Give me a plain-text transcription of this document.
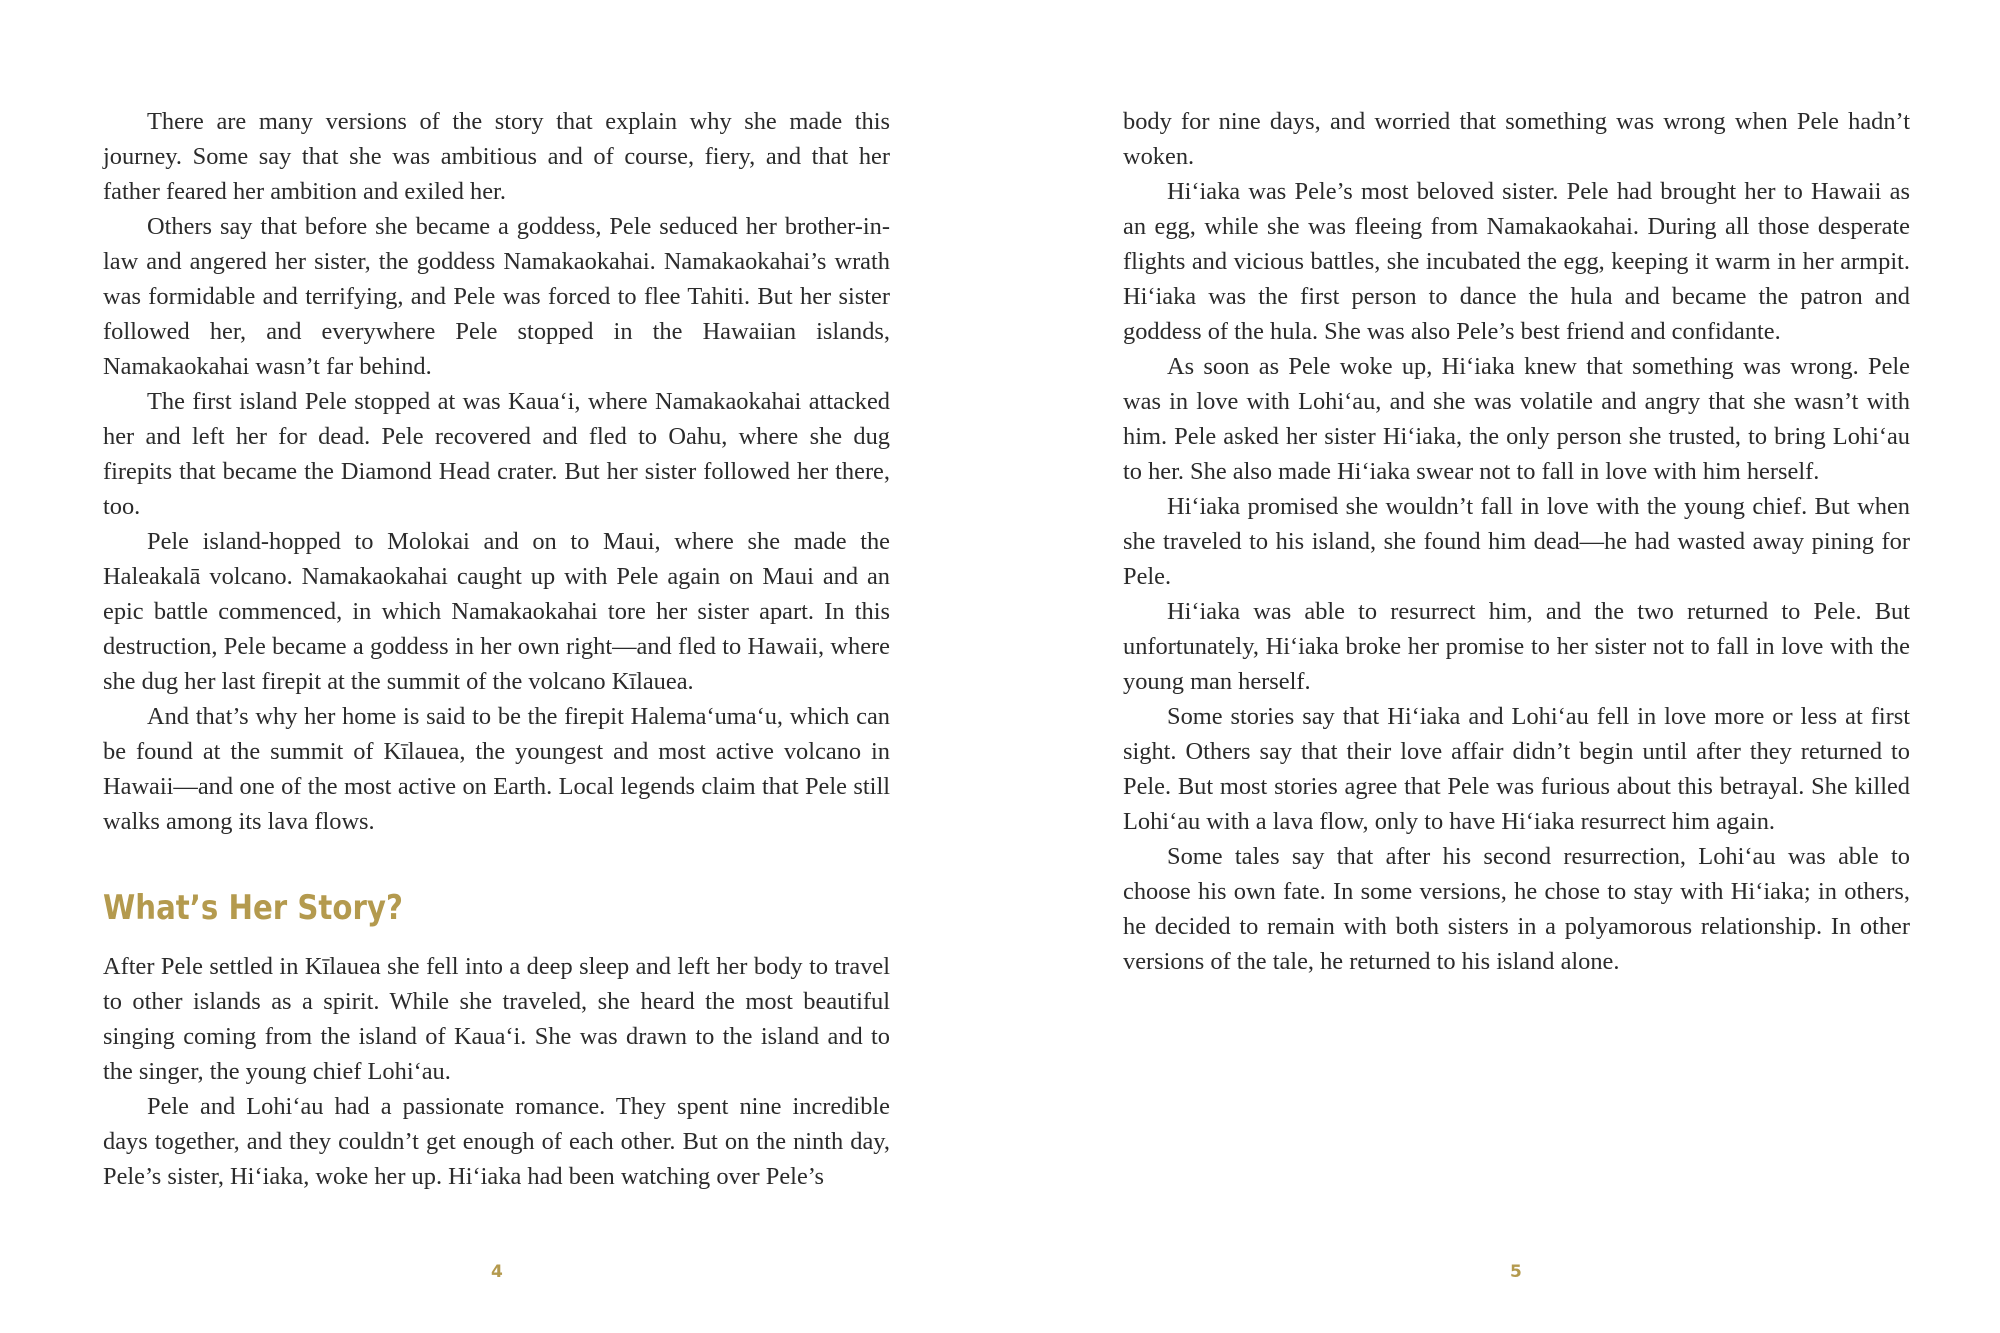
There are many versions of the story that explain why she made this journey. Some say that she was ambitious and of course, fiery, and that her father feared her ambition and exiled her.

Others say that before she became a goddess, Pele seduced her brother-in-law and angered her sister, the goddess Namakaokahai. Namakaokahai’s wrath was formidable and terrifying, and Pele was forced to flee Tahiti. But her sister followed her, and everywhere Pele stopped in the Hawaiian islands, Namakaokahai wasn’t far behind.

The first island Pele stopped at was Kauaʻi, where Namakaokahai attacked her and left her for dead. Pele recovered and fled to Oahu, where she dug firepits that became the Diamond Head crater. But her sister followed her there, too.

Pele island-hopped to Molokai and on to Maui, where she made the Haleakalā volcano. Namakaokahai caught up with Pele again on Maui and an epic battle commenced, in which Namakaokahai tore her sister apart. In this destruction, Pele became a goddess in her own right—and fled to Hawaii, where she dug her last firepit at the summit of the volcano Kīlauea.

And that’s why her home is said to be the firepit Halemaʻumaʻu, which can be found at the summit of Kīlauea, the youngest and most active volcano in Hawaii—and one of the most active on Earth. Local legends claim that Pele still walks among its lava flows.

What’s Her Story?

After Pele settled in Kīlauea she fell into a deep sleep and left her body to travel to other islands as a spirit. While she traveled, she heard the most beautiful singing coming from the island of Kauaʻi. She was drawn to the island and to the singer, the young chief Lohiʻau.

Pele and Lohiʻau had a passionate romance. They spent nine incredible days together, and they couldn’t get enough of each other. But on the ninth day, Pele’s sister, Hiʻiaka, woke her up. Hiʻiaka had been watching over Pele’s

4

body for nine days, and worried that something was wrong when Pele hadn’t woken.

Hiʻiaka was Pele’s most beloved sister. Pele had brought her to Hawaii as an egg, while she was fleeing from Namakaokahai. During all those desperate flights and vicious battles, she incubated the egg, keeping it warm in her armpit. Hiʻiaka was the first person to dance the hula and became the patron and goddess of the hula. She was also Pele’s best friend and confidante.

As soon as Pele woke up, Hiʻiaka knew that something was wrong. Pele was in love with Lohiʻau, and she was volatile and angry that she wasn’t with him. Pele asked her sister Hiʻiaka, the only person she trusted, to bring Lohiʻau to her. She also made Hiʻiaka swear not to fall in love with him herself.

Hiʻiaka promised she wouldn’t fall in love with the young chief. But when she traveled to his island, she found him dead—he had wasted away pining for Pele.

Hiʻiaka was able to resurrect him, and the two returned to Pele. But unfortunately, Hiʻiaka broke her promise to her sister not to fall in love with the young man herself.

Some stories say that Hiʻiaka and Lohiʻau fell in love more or less at first sight. Others say that their love affair didn’t begin until after they returned to Pele. But most stories agree that Pele was furious about this betrayal. She killed Lohiʻau with a lava flow, only to have Hiʻiaka resurrect him again.

Some tales say that after his second resurrection, Lohiʻau was able to choose his own fate. In some versions, he chose to stay with Hiʻiaka; in others, he decided to remain with both sisters in a polyamorous relationship. In other versions of the tale, he returned to his island alone.

5
